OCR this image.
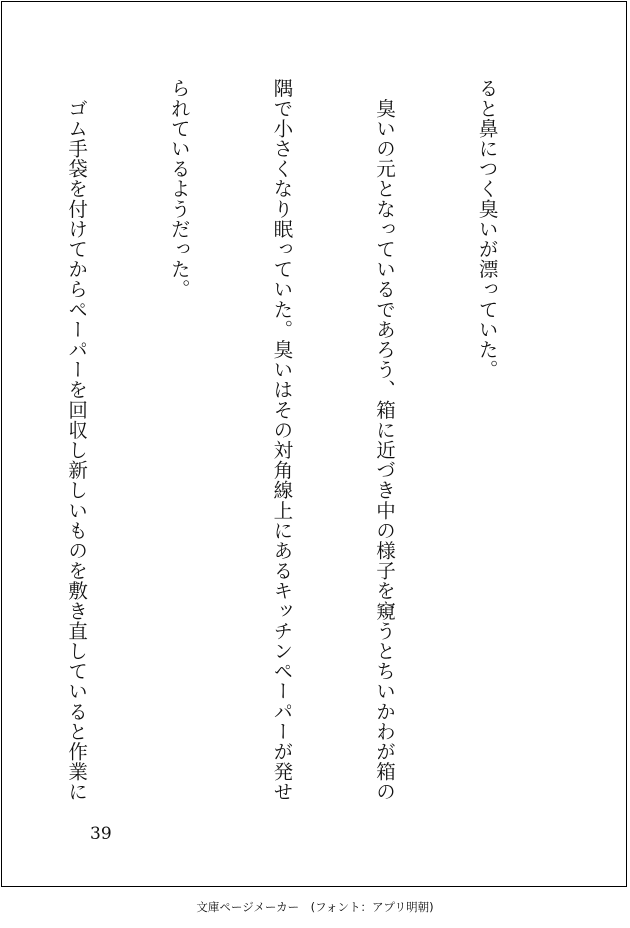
ると鼻につく臭いが漂っていた。

　臭いの元となっているであろう、箱に近づき中の様子を窺うとちいかわが箱の

隅で小さくなり眠っていた。臭いはその対角線上にあるキッチンペーパーが発せ

られているようだった。

　ゴム手袋を付けてからペーパーを回収し新しいものを敷き直していると作業に

39
文庫ページメーカー　(フォント：アプリ明朝)
